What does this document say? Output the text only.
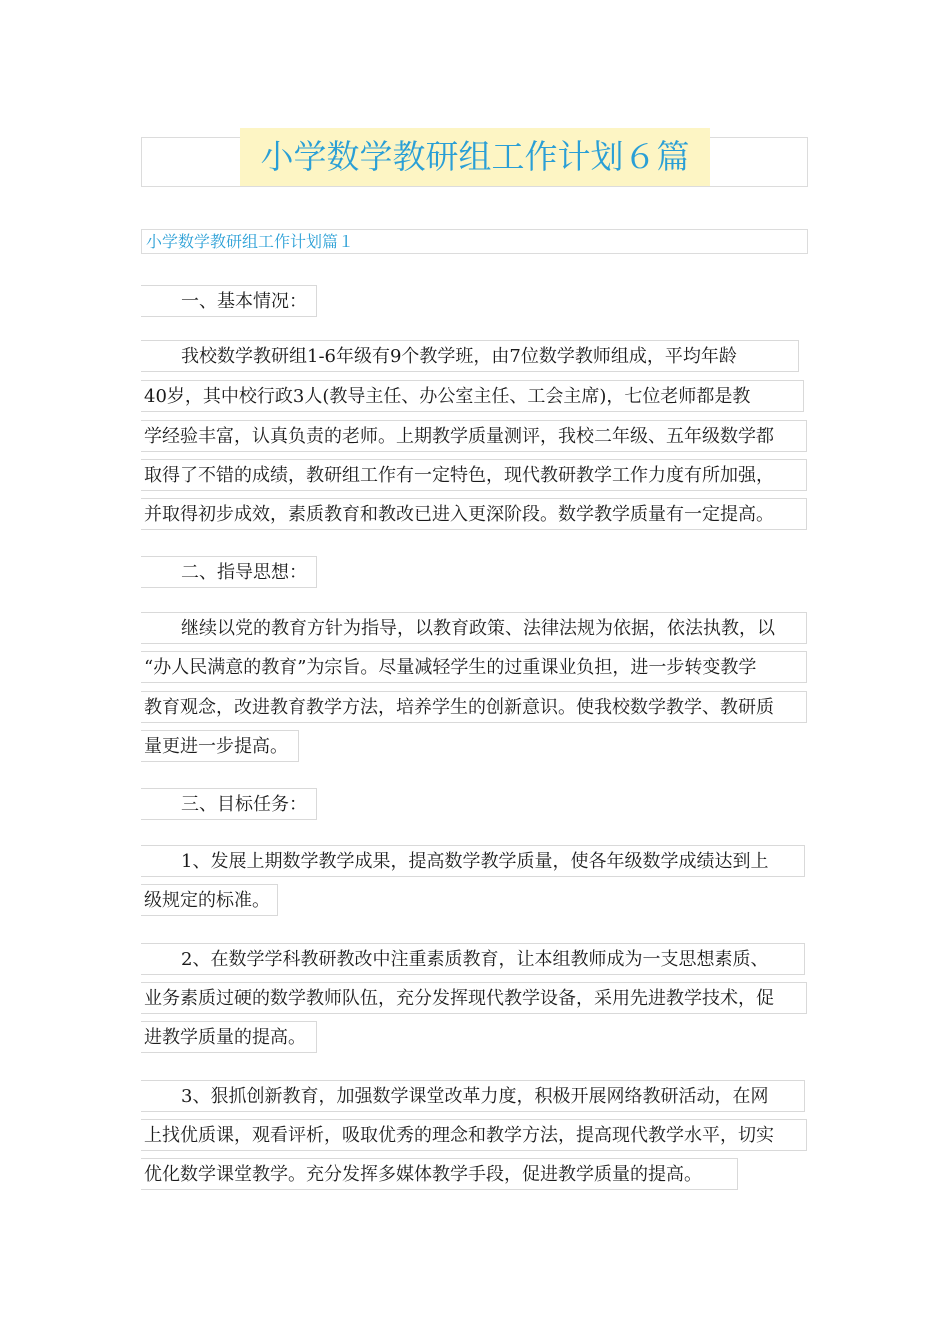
小学数学教研组工作计划６篇
小学数学教研组工作计划篇１
一、基本情况：
我校数学教研组1-6年级有9个教学班，由7位数学教师组成，平均年龄
40岁，其中校行政3人(教导主任、办公室主任、工会主席)，七位老师都是教
学经验丰富，认真负责的老师。上期教学质量测评，我校二年级、五年级数学都
取得了不错的成绩，教研组工作有一定特色，现代教研教学工作力度有所加强，
并取得初步成效，素质教育和教改已进入更深阶段。数学教学质量有一定提高。
二、指导思想：
继续以党的教育方针为指导，以教育政策、法律法规为依据，依法执教，以
“办人民满意的教育”为宗旨。尽量减轻学生的过重课业负担，进一步转变教学
教育观念，改进教育教学方法，培养学生的创新意识。使我校数学教学、教研质
量更进一步提高。
三、目标任务：
1、发展上期数学教学成果，提高数学教学质量，使各年级数学成绩达到上
级规定的标准。
2、在数学学科教研教改中注重素质教育，让本组教师成为一支思想素质、
业务素质过硬的数学教师队伍，充分发挥现代教学设备，采用先进教学技术，促
进教学质量的提高。
3、狠抓创新教育，加强数学课堂改革力度，积极开展网络教研活动，在网
上找优质课，观看评析，吸取优秀的理念和教学方法，提高现代教学水平，切实
优化数学课堂教学。充分发挥多媒体教学手段，促进教学质量的提高。
